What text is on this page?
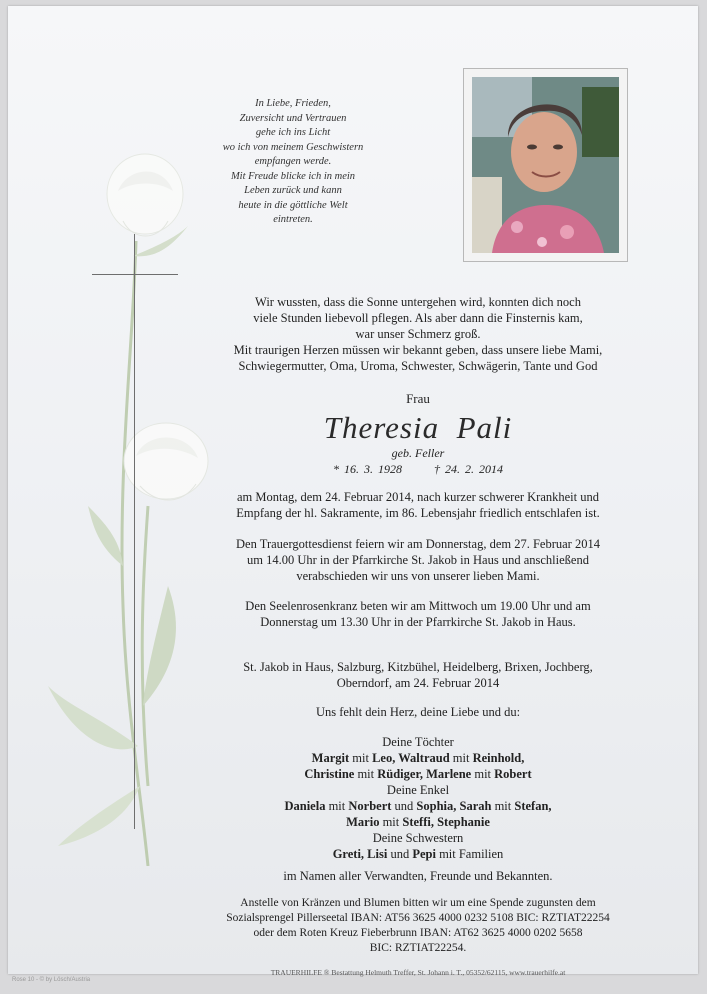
In Liebe, Frieden,
Zuversicht und Vertrauen
gehe ich ins Licht
wo ich von meinem Geschwistern
empfangen werde.
Mit Freude blicke ich in mein
Leben zurück und kann
heute in die göttliche Welt
eintreten.
Wir wussten, dass die Sonne untergehen wird, konnten dich noch
viele Stunden liebevoll pflegen. Als aber dann die Finsternis kam,
war unser Schmerz groß.
Mit traurigen Herzen müssen wir bekannt geben, dass unsere liebe Mami,
Schwiegermutter, Oma, Uroma, Schwester, Schwägerin, Tante und God
Frau
Theresia  Pali
geb. Feller
* 16. 3. 1928	† 24. 2. 2014
am Montag, dem 24. Februar 2014, nach kurzer schwerer Krankheit und
Empfang der hl. Sakramente, im 86. Lebensjahr friedlich entschlafen ist.
Den Trauergottesdienst feiern wir am Donnerstag, dem 27. Februar 2014
um 14.00 Uhr in der Pfarrkirche St. Jakob in Haus und anschließend
verabschieden wir uns von unserer lieben Mami.
Den Seelenrosenkranz beten wir am Mittwoch um 19.00 Uhr und am
Donnerstag um 13.30 Uhr in der Pfarrkirche St. Jakob in Haus.
St. Jakob in Haus, Salzburg, Kitzbühel, Heidelberg, Brixen, Jochberg,
Oberndorf, am 24. Februar 2014
Uns fehlt dein Herz, deine Liebe und du:
Deine Töchter
Margit mit Leo, Waltraud mit Reinhold,
Christine mit Rüdiger, Marlene mit Robert
Deine Enkel
Daniela mit Norbert und Sophia, Sarah mit Stefan,
Mario mit Steffi, Stephanie
Deine Schwestern
Greti, Lisi und Pepi mit Familien
im Namen aller Verwandten, Freunde und Bekannten.
Anstelle von Kränzen und Blumen bitten wir um eine Spende zugunsten dem
Sozialsprengel Pillerseetal IBAN: AT56 3625 4000 0232 5108 BIC: RZTIAT22254
oder dem Roten Kreuz Fieberbrunn IBAN: AT62 3625 4000 0202 5658
BIC: RZTIAT22254.
TRAUERHILFE ® Bestattung Helmuth Treffer, St. Johann i. T., 05352/62115, www.trauerhilfe.at
Rose 10 - © by Lösch/Austria
